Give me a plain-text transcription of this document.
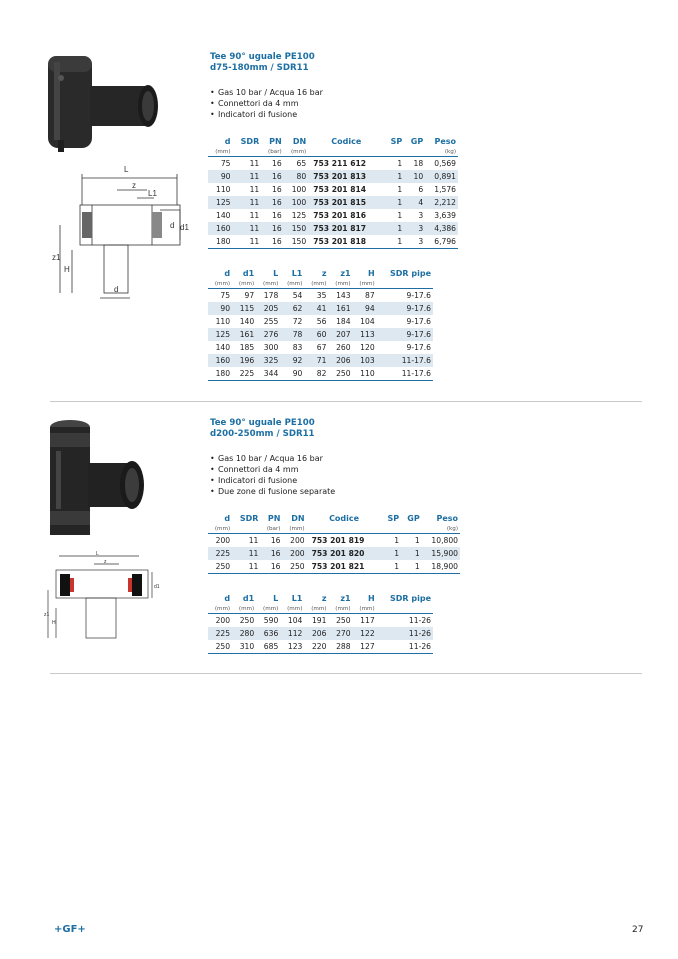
L
z
L1
d d1
z1
H
d
Tee 90° uguale PE100
d75-180mm / SDR11
• Gas 10 bar / Acqua 16 bar
• Connettori da 4 mm
• Indicatori di fusione
d	SDR	PN	DN	Codice	SP	GP	Peso
(mm)		(bar)	(mm)				(kg)
75	11	16	65	753 211 612	1	18	0,569
90	11	16	80	753 201 813	1	10	0,891
110	11	16	100	753 201 814	1	6	1,576
125	11	16	100	753 201 815	1	4	2,212
140	11	16	125	753 201 816	1	3	3,639
160	11	16	150	753 201 817	1	3	4,386
180	11	16	150	753 201 818	1	3	6,796
d	d1	L	L1	z	z1	H	SDR pipe
(mm)	(mm)	(mm)	(mm)	(mm)	(mm)	(mm)	
75	97	178	54	35	143	87	9-17.6
90	115	205	62	41	161	94	9-17.6
110	140	255	72	56	184	104	9-17.6
125	161	276	78	60	207	113	9-17.6
140	185	300	83	67	260	120	9-17.6
160	196	325	92	71	206	103	11-17.6
180	225	344	90	82	250	110	11-17.6
L
z
d1
z1
H
Tee 90° uguale PE100
d200-250mm / SDR11
• Gas 10 bar / Acqua 16 bar
• Connettori da 4 mm
• Indicatori di fusione
• Due zone di fusione separate
d	SDR	PN	DN	Codice	SP	GP	Peso
(mm)		(bar)	(mm)				(kg)
200	11	16	200	753 201 819	1	1	10,800
225	11	16	200	753 201 820	1	1	15,900
250	11	16	250	753 201 821	1	1	18,900
d	d1	L	L1	z	z1	H	SDR pipe
(mm)	(mm)	(mm)	(mm)	(mm)	(mm)	(mm)	
200	250	590	104	191	250	117	11-26
225	280	636	112	206	270	122	11-26
250	310	685	123	220	288	127	11-26
+GF+	27
